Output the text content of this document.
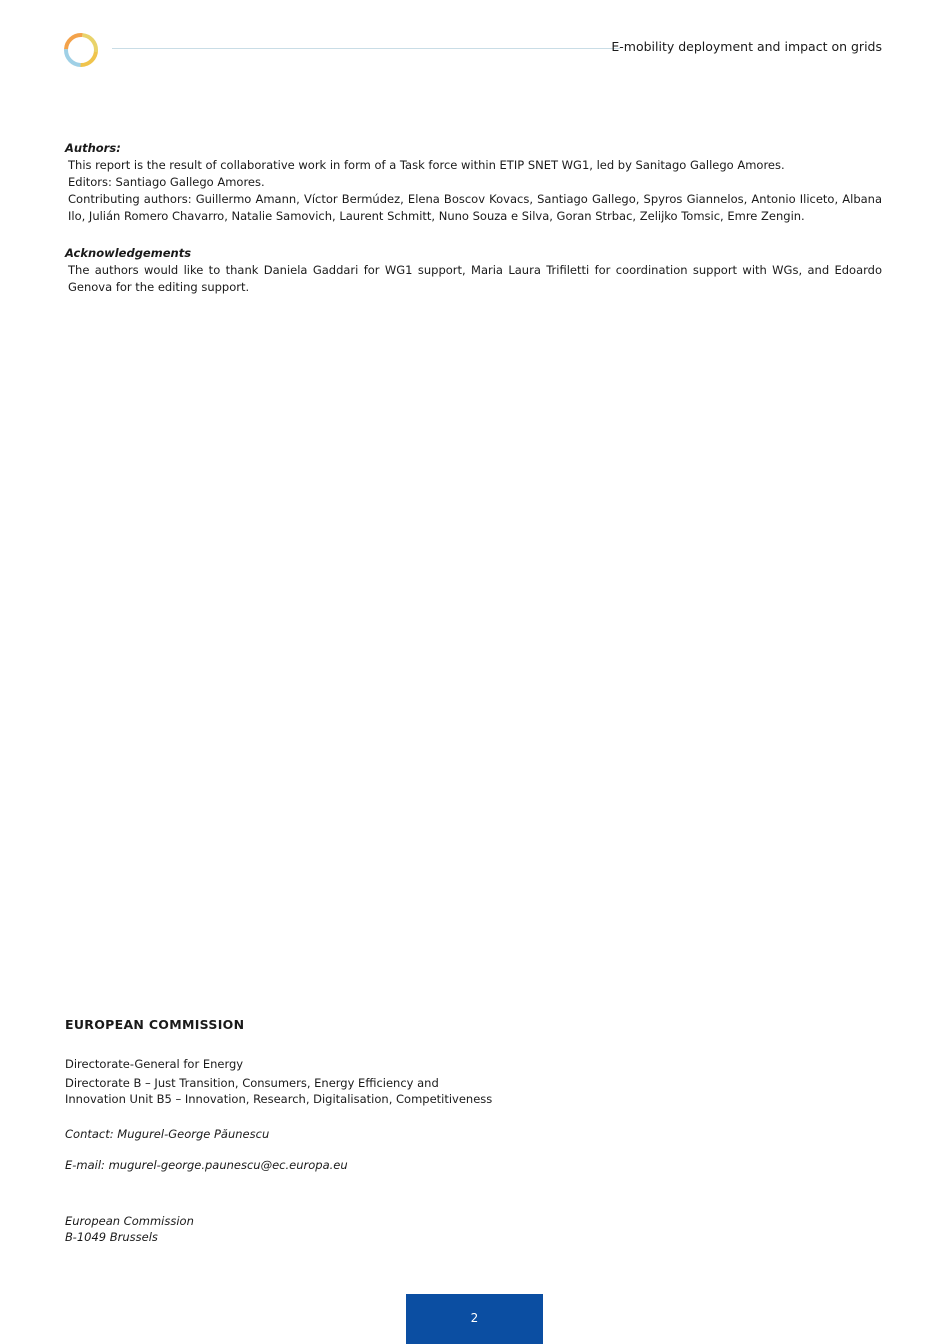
E-mobility deployment and impact on grids
Authors:
This report is the result of collaborative work in form of a Task force within ETIP SNET WG1, led by Sanitago Gallego Amores.
Editors: Santiago Gallego Amores.
Contributing authors: Guillermo Amann, Víctor Bermúdez, Elena Boscov Kovacs, Santiago Gallego, Spyros Giannelos, Antonio Iliceto, Albana Ilo, Julián Romero Chavarro, Natalie Samovich, Laurent Schmitt, Nuno Souza e Silva, Goran Strbac, Zelijko Tomsic, Emre Zengin.
Acknowledgements
The authors would like to thank Daniela Gaddari for WG1 support, Maria Laura Trifiletti for coordination support with WGs, and Edoardo Genova for the editing support.
EUROPEAN COMMISSION
Directorate-General for Energy
Directorate B – Just Transition, Consumers, Energy Efficiency and
Innovation Unit B5 – Innovation, Research, Digitalisation, Competitiveness
Contact: Mugurel-George Păunescu
E-mail: mugurel-george.paunescu@ec.europa.eu
European Commission
B-1049 Brussels
2
